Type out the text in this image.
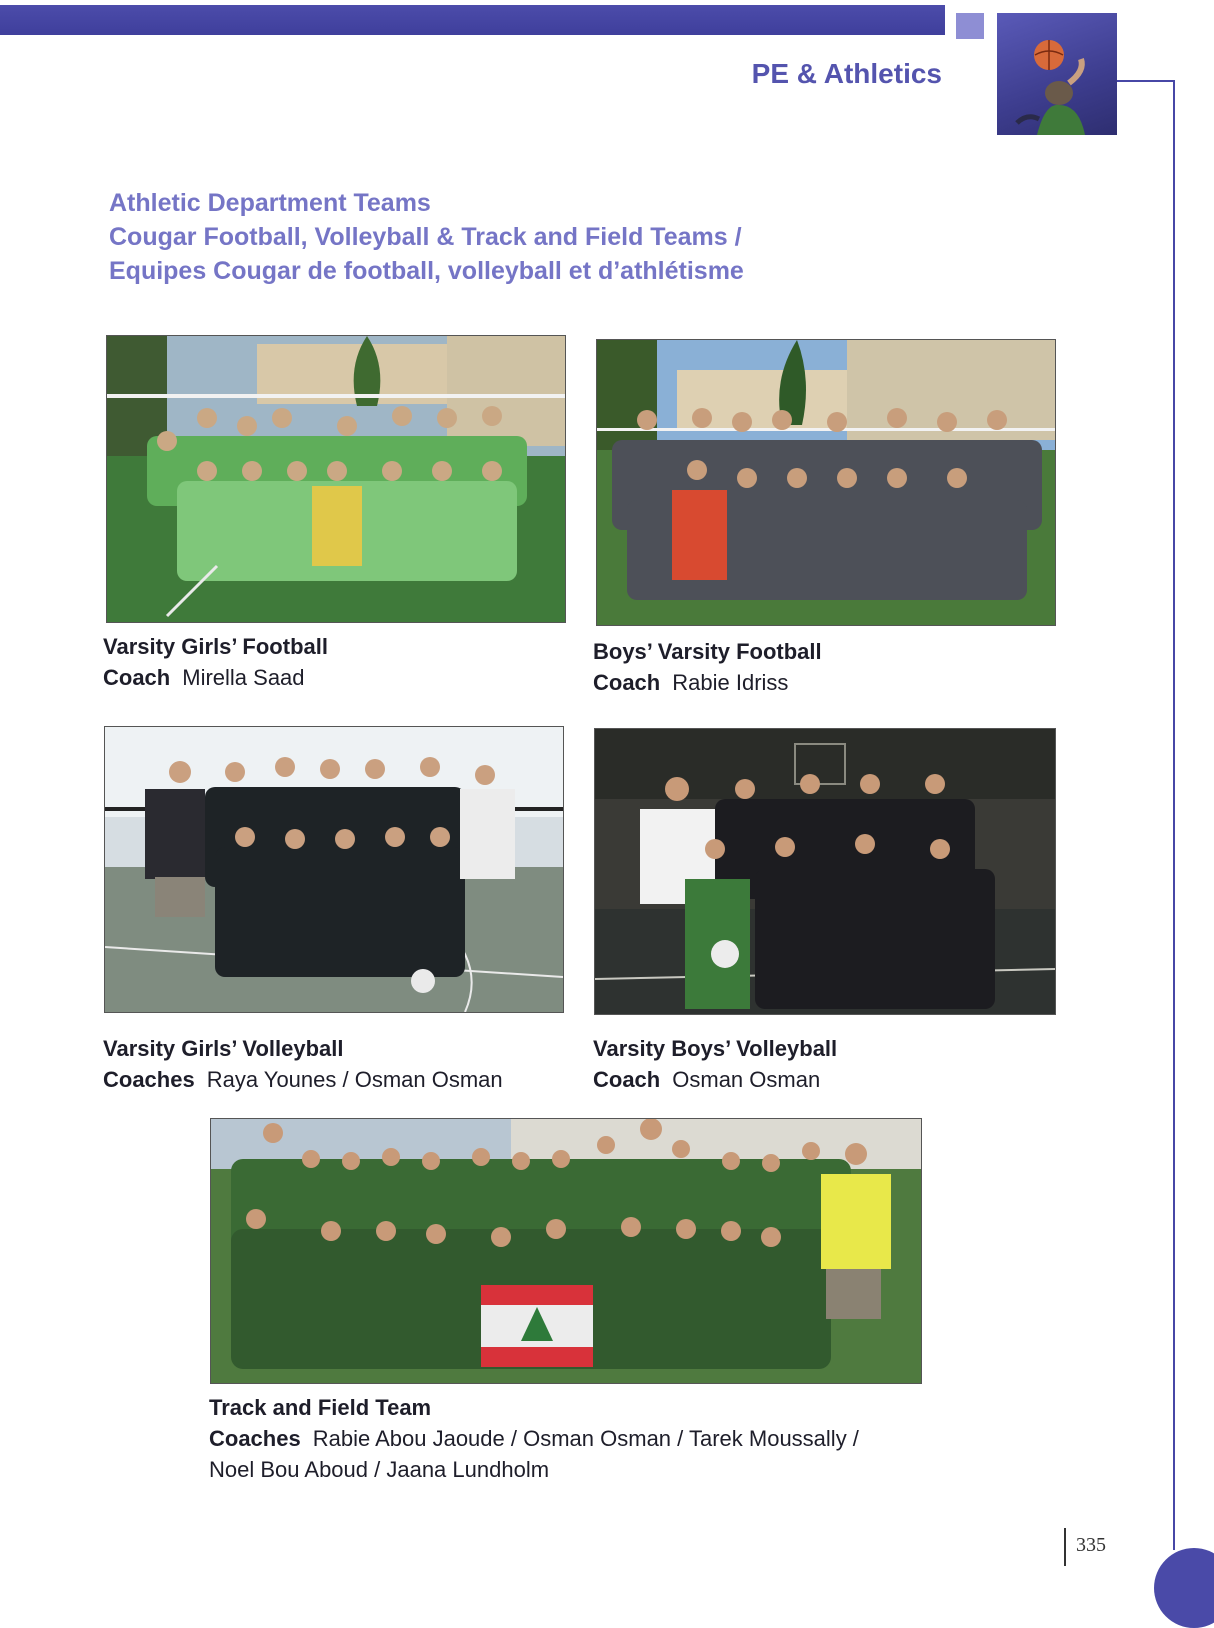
PE & Athletics
Athletic Department Teams
Cougar Football, Volleyball & Track and Field Teams /
Equipes Cougar de football, volleyball et d’athlétisme
Varsity Girls’ Football
Coach Mirella Saad
Boys’ Varsity Football
Coach Rabie Idriss
Varsity Girls’ Volleyball
Coaches Raya Younes / Osman Osman
Varsity Boys’ Volleyball
Coach Osman Osman
Track and Field Team
Coaches Rabie Abou Jaoude / Osman Osman / Tarek Moussally /
Noel Bou Aboud / Jaana Lundholm
335
